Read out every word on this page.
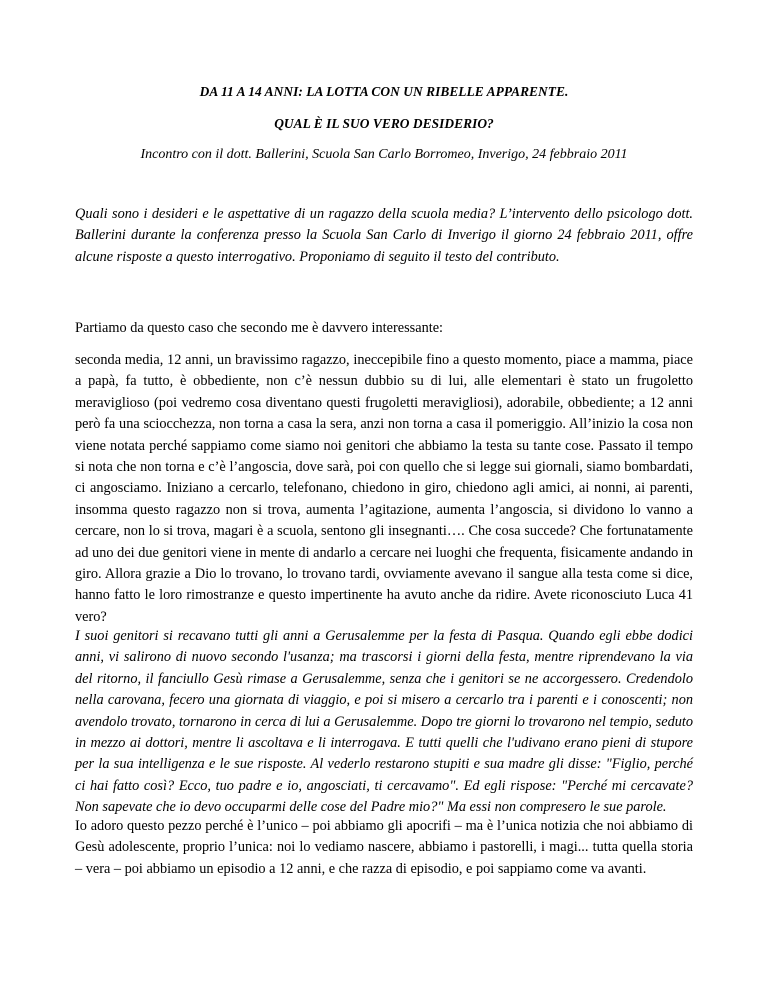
DA 11 A 14 ANNI: LA LOTTA CON UN RIBELLE APPARENTE.

QUAL È IL SUO VERO DESIDERIO?

Incontro con il dott. Ballerini, Scuola San Carlo Borromeo, Inverigo, 24 febbraio 2011

Quali sono i desideri e le aspettative di un ragazzo della scuola media? L’intervento dello psicologo dott. Ballerini durante la conferenza presso la Scuola San Carlo di Inverigo il giorno 24 febbraio 2011, offre alcune risposte a questo interrogativo. Proponiamo di seguito il testo del contributo.

Partiamo da questo caso che secondo me è davvero interessante:

seconda media, 12 anni, un bravissimo ragazzo, ineccepibile fino a questo momento, piace a mamma, piace a papà, fa tutto, è obbediente, non c’è nessun dubbio su di lui, alle elementari è stato un frugoletto meraviglioso (poi vedremo cosa diventano questi frugoletti meravigliosi), adorabile, obbediente; a 12 anni però fa una sciocchezza, non torna a casa la sera, anzi non torna a casa il pomeriggio. All’inizio la cosa non viene notata perché sappiamo come siamo noi genitori che abbiamo la testa su tante cose. Passato il tempo si nota che non torna e c’è l’angoscia, dove sarà, poi con quello che si legge sui giornali, siamo bombardati, ci angosciamo. Iniziano a cercarlo, telefonano, chiedono in giro, chiedono agli amici, ai nonni, ai parenti, insomma questo ragazzo non si trova, aumenta l’agitazione, aumenta l’angoscia, si dividono lo vanno a cercare, non lo si trova, magari è a scuola, sentono gli insegnanti…. Che cosa succede? Che fortunatamente ad uno dei due genitori viene in mente di andarlo a cercare nei luoghi che frequenta, fisicamente andando in giro. Allora grazie a Dio lo trovano, lo trovano tardi, ovviamente avevano il sangue alla testa come si dice, hanno fatto le loro rimostranze e questo impertinente ha avuto anche da ridire. Avete riconosciuto Luca 41 vero?

I suoi genitori si recavano tutti gli anni a Gerusalemme per la festa di Pasqua. Quando egli ebbe dodici anni, vi salirono di nuovo secondo l'usanza; ma trascorsi i giorni della festa, mentre riprendevano la via del ritorno, il fanciullo Gesù rimase a Gerusalemme, senza che i genitori se ne accorgessero. Credendolo nella carovana, fecero una giornata di viaggio, e poi si misero a cercarlo tra i parenti e i conoscenti; non avendolo trovato, tornarono in cerca di lui a Gerusalemme. Dopo tre giorni lo trovarono nel tempio, seduto in mezzo ai dottori, mentre li ascoltava e li interrogava. E tutti quelli che l'udivano erano pieni di stupore per la sua intelligenza e le sue risposte. Al vederlo restarono stupiti e sua madre gli disse: "Figlio, perché ci hai fatto così? Ecco, tuo padre e io, angosciati, ti cercavamo". Ed egli rispose: "Perché mi cercavate? Non sapevate che io devo occuparmi delle cose del Padre mio?" Ma essi non compresero le sue parole.

Io adoro questo pezzo perché è l’unico – poi abbiamo gli apocrifi – ma è l’unica notizia che noi abbiamo di Gesù adolescente, proprio l’unica: noi lo vediamo nascere, abbiamo i pastorelli, i magi... tutta quella storia – vera – poi abbiamo un episodio a 12 anni, e che razza di episodio, e poi sappiamo come va avanti.
